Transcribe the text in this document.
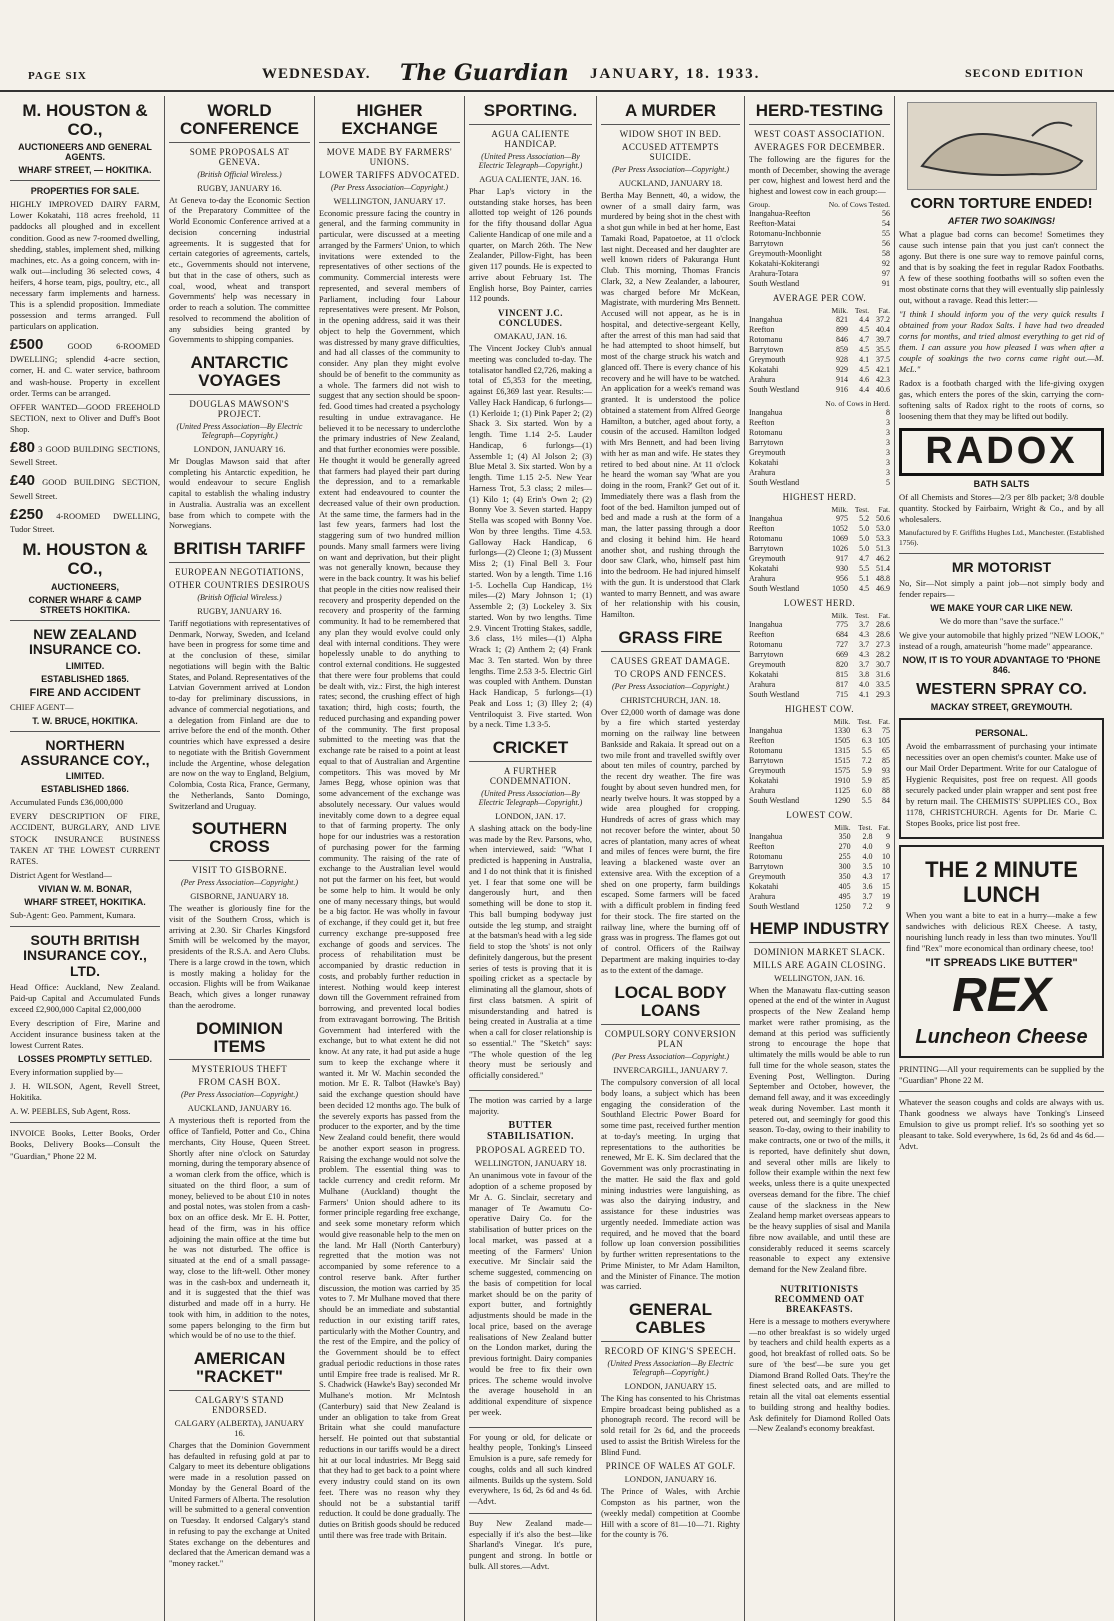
PAGE SIX	WEDNESDAY. The Guardian JANUARY, 18. 1933.	SECOND EDITION
M. HOUSTON & CO.,
AUCTIONEERS AND GENERAL AGENTS.
WHARF STREET, — HOKITIKA.
PROPERTIES FOR SALE.
HIGHLY IMPROVED DAIRY FARM, Lower Kokatahi, 118 acres freehold, 11 paddocks all ploughed and in excellent condition. Good as new 7-roomed dwelling, shedding, stables, implement shed, milking machines, etc. As a going concern, with in-walk out—including 36 selected cows, 4 heifers, 4 horse team, pigs, poultry, etc., all necessary farm implements and harness. This is a splendid proposition. Immediate possession and terms arranged. Full particulars on application.
£500	GOOD 6-ROOMED DWELLING; splendid 4-acre section, corner, H. and C. water service, bathroom and wash-house. Property in excellent order. Terms can be arranged.
OFFER WANTED—GOOD FREEHOLD SECTION, next to Oliver and Duff's Boot Shop.
£80 3 GOOD BUILDING SECTIONS, Sewell Street.
£40 GOOD BUILDING SECTION, Sewell Street.
£250 4-ROOMED DWELLING, Tudor Street.
M. HOUSTON & CO.,
AUCTIONEERS,
CORNER WHARF & CAMP STREETS HOKITIKA.
NEW ZEALAND INSURANCE CO.
LIMITED.
ESTABLISHED 1865.
FIRE AND ACCIDENT
CHIEF AGENT—
T. W. BRUCE, HOKITIKA.
NORTHERN ASSURANCE COY.,
LIMITED.
ESTABLISHED 1866.
Accumulated Funds £36,000,000
EVERY DESCRIPTION OF FIRE, ACCIDENT, BURGLARY, AND LIVE STOCK INSURANCE BUSINESS TAKEN AT THE LOWEST CURRENT RATES.
District Agent for Westland—
VIVIAN W. M. BONAR,
WHARF STREET, HOKITIKA.
Sub-Agent: Geo. Pamment, Kumara.
SOUTH BRITISH INSURANCE COY., LTD.
Head Office: Auckland, New Zealand. Paid-up Capital and Accumulated Funds exceed £2,900,000 Capital £2,000,000
Every description of Fire, Marine and Accident insurance business taken at the lowest Current Rates.
LOSSES PROMPTLY SETTLED.
Every information supplied by—
J. H. WILSON, Agent, Revell Street, Hokitika.
A. W. PEEBLES, Sub Agent, Ross.
INVOICE Books, Letter Books, Order Books, Delivery Books—Consult the "Guardian," Phone 22 M.
WORLD CONFERENCE
SOME PROPOSALS AT GENEVA.
(British Official Wireless.)
RUGBY, JANUARY 16.
At Geneva to-day the Economic Section of the Preparatory Committee of the World Economic Conference arrived at a decision concerning industrial agreements. It is suggested that for certain categories of agreements, cartels, etc., Governments should not intervene, but that in the case of others, such as coal, wood, wheat and transport Governments' help was necessary in order to reach a solution. The committee resolved to recommend the abolition of any subsidies being granted by Governments to shipping companies.
ANTARCTIC VOYAGES
DOUGLAS MAWSON'S PROJECT.
(United Press Association—By Electric Telegraph—Copyright.)
LONDON, JANUARY 16.
Mr Douglas Mawson said that after completing his Antarctic expedition, he would endeavour to secure English capital to establish the whaling industry in Australia. Australia was an excellent base from which to compete with the Norwegians.
BRITISH TARIFF
EUROPEAN NEGOTIATIONS,
OTHER COUNTRIES DESIROUS
(British Official Wireless.)
RUGBY, JANUARY 16.
Tariff negotiations with representatives of Denmark, Norway, Sweden, and Iceland have been in progress for some time and at the conclusion of these, similar negotiations will begin with the Baltic States, and Poland. Representatives of the Latvian Government arrived at London to-day for preliminary discussions, in advance of commercial negotiations, and a delegation from Finland are due to arrive before the end of the month. Other countries which have expressed a desire to negotiate with the British Government include the Argentine, whose delegation are now on the way to England, Belgium, Colombia, Costa Rica, France, Germany, the Netherlands, Santo Domingo, Switzerland and Uruguay.
SOUTHERN CROSS
VISIT TO GISBORNE.
(Per Press Association—Copyright.)
GISBORNE, JANUARY 18.
The weather is gloriously fine for the visit of the Southern Cross, which is arriving at 2.30. Sir Charles Kingsford Smith will be welcomed by the mayor, presidents of the R.S.A. and Aero Clubs. There is a large crowd in the town, which is mostly making a holiday for the occasion. Flights will be from Waikanae Beach, which gives a longer runaway than the aerodrome.
DOMINION ITEMS
MYSTERIOUS THEFT
FROM CASH BOX.
(Per Press Association—Copyright.)
AUCKLAND, JANUARY 16.
A mysterious theft is reported from the office of Tanfield, Potter and Co., China merchants, City House, Queen Street. Shortly after nine o'clock on Saturday morning, during the temporary absence of a woman clerk from the office, which is situated on the third floor, a sum of money, believed to be about £10 in notes and postal notes, was stolen from a cash-box on an office desk. Mr E. H. Potter, head of the firm, was in his office adjoining the main office at the time but he was not disturbed. The office is situated at the end of a small passage-way, close to the lift-well. Other money was in the cash-box and underneath it, and it is suggested that the thief was disturbed and made off in a hurry. He took with him, in addition to the notes, some papers belonging to the firm but which would be of no use to the thief.
AMERICAN "RACKET"
CALGARY'S STAND ENDORSED.
CALGARY (ALBERTA), JANUARY 16.
Charges that the Dominion Government has defaulted in refusing gold at par to Calgary to meet its debenture obligations were made in a resolution passed on Monday by the General Board of the United Farmers of Alberta. The resolution will be submitted to a general convention on Tuesday. It endorsed Calgary's stand in refusing to pay the exchange at United States exchange on the debentures and declared that the American demand was a "money racket."
HIGHER EXCHANGE
MOVE MADE BY FARMERS' UNIONS.
LOWER TARIFFS ADVOCATED.
(Per Press Association—Copyright.)
WELLINGTON, JANUARY 17.
Economic pressure facing the country in general, and the farming community in particular, were discussed at a meeting arranged by the Farmers' Union, to which invitations were extended to the representatives of other sections of the community. Commercial interests were represented, and several members of Parliament, including four Labour representatives were present. Mr Polson, in the opening address, said it was their object to help the Government, which was distressed by many grave difficulties, and had all classes of the community to consider. Any plan they might evolve should be of benefit to the community as a whole. The farmers did not wish to suggest that any section should be spoon-fed. Good times had created a psychology resulting in undue extravagance. He believed it to be necessary to underclothe the primary industries of New Zealand, and that further economies were possible. He thought it would be generally agreed that farmers had played their part during the depression, and to a remarkable extent had endeavoured to counter the decreased value of their own production. At the same time, the farmers had in the last few years, farmers had lost the staggering sum of two hundred million pounds. Many small farmers were living on want and deprivation, but their plight was not generally known, because they were in the back country. It was his belief that people in the cities now realised their recovery and prosperity depended on the recovery and prosperity of the farming community. It had to be remembered that any plan they would evolve could only deal with internal conditions. They were hopelessly unable to do anything to control external conditions. He suggested that there were four problems that could be dealt with, viz.: First, the high interest rates; second, the crushing effect of high taxation; third, high costs; fourth, the reduced purchasing and expanding power of the community. The first proposal submitted to the meeting was that the exchange rate be raised to a point at least equal to that of Australian and Argentine competitors. This was moved by Mr James Begg, whose opinion was that some advancement of the exchange was absolutely necessary. Our values would inevitably come down to a degree equal to that of farming property. The only hope for our industries was a restoration of purchasing power for the farming community. The raising of the rate of exchange to the Australian level would not put the farmer on his feet, but would be some help to him. It would be only one of many necessary things, but would be a big factor. He was wholly in favour of exchange, if they could get it, but free currency exchange pre-supposed free exchange of goods and services. The process of rehabilitation must be accompanied by drastic reduction in costs, and probably further reduction in interest. Nothing would keep interest down till the Government refrained from borrowing, and prevented local bodies from extravagant borrowing. The British Government had interfered with the exchange, but to what extent he did not know. At any rate, it had put aside a huge sum to keep the exchange where it wanted it. Mr W. Machin seconded the motion. Mr E. R. Talbot (Hawke's Bay) said the exchange question should have been decided 12 months ago. The bulk of the severely exports has passed from the producer to the exporter, and by the time New Zealand could benefit, there would be another export season in progress. Raising the exchange would not solve the problem. The essential thing was to tackle currency and credit reform. Mr Mulhane (Auckland) thought the Farmers' Union should adhere to its former principle regarding free exchange, and seek some monetary reform which would give reasonable help to the men on the land. Mr Hall (North Canterbury) regretted that the motion was not accompanied by some reference to a control reserve bank. After further discussion, the motion was carried by 35 votes to 7. Mr Mulhane moved that there should be an immediate and substantial reduction in our existing tariff rates, particularly with the Mother Country, and the rest of the Empire, and the policy of the Government should be to effect gradual periodic reductions in those rates until Empire free trade is realised. Mr R. S. Chadwick (Hawke's Bay) seconded Mr Mulhane's motion. Mr McIntosh (Canterbury) said that New Zealand is under an obligation to take from Great Britain what she could manufacture herself. He pointed out that substantial reductions in our tariffs would be a direct hit at our local industries. Mr Begg said that they had to get back to a point where every industry could stand on its own feet. There was no reason why they should not be a substantial tariff reduction. It could be done gradually. The duties on British goods should be reduced until there was free trade with Britain.
SPORTING.
AGUA CALIENTE HANDICAP.
(United Press Association—By Electric Telegraph—Copyright.)
AGUA CALIENTE, JAN. 16.
Phar Lap's victory in the outstanding stake horses, has been allotted top weight of 126 pounds for the fifty thousand dollar Agua Caliente Handicap of one mile and a quarter, on March 26th. The New Zealander, Pillow-Fight, has been given 117 pounds. He is expected to arrive about February 1st. The English horse, Boy Painter, carries 112 pounds.
VINCENT J.C. CONCLUDES.
OMAKAU, JAN. 16.
The Vincent Jockey Club's annual meeting was concluded to-day. The totalisator handled £2,726, making a total of £5,353 for the meeting, against £6,369 last year. Results:— Valley Hack Handicap, 6 furlongs—(1) Kerloide 1; (1) Pink Paper 2; (2) Shack 3. Six started. Won by a length. Time 1.14 2-5. Lauder Handicap, 6 furlongs—(1) Assemble 1; (4) Al Jolson 2; (3) Blue Metal 3. Six started. Won by a length. Time 1.15 2-5. New Year Harness Trot, 5.3 class; 2 miles—(1) Kilo 1; (4) Erin's Own 2; (2) Bonny Voe 3. Seven started. Happy Stella was scoped with Bonny Voe. Won by three lengths. Time 4.53. Galloway Hack Handicap, 6 furlongs—(2) Cleone 1; (3) Mussent Miss 2; (1) Final Bell 3. Four started. Won by a length. Time 1.16 1-5. Lochella Cup Handicap, 1½ miles—(2) Mary Johnson 1; (1) Assemble 2; (3) Lockeley 3. Six started. Won by two lengths. Time 2.9. Vincent Trotting Stakes, saddle, 3.6 class, 1½ miles—(1) Alpha Wrack 1; (2) Anthem 2; (4) Frank Mac 3. Ten started. Won by three lengths. Time 2.53 3-5. Electric Girl was coupled with Anthem. Dunstan Hack Handicap, 5 furlongs—(1) Peak and Loss 1; (3) Illey 2; (4) Ventriloquist 3. Five started. Won by a neck. Time 1.3 3-5.
CRICKET
A FURTHER CONDEMNATION.
(United Press Association—By Electric Telegraph—Copyright.)
LONDON, JAN. 17.
A slashing attack on the body-line was made by the Rev. Parsons, who, when interviewed, said: "What I predicted is happening in Australia, and I do not think that it is finished yet. I fear that some one will be dangerously hurt, and then something will be done to stop it. This ball bumping bodyway just outside the leg stump, and straight at the batsman's head with a leg side field to stop the 'shots' is not only definitely dangerous, but the present series of tests is proving that it is spoiling cricket as a spectacle by eliminating all the glamour, shots of first class batsmen. A spirit of misunderstanding and hatred is being created in Australia at a time when a call for closer relationship is so essential." The "Sketch" says: "The whole question of the leg theory must be seriously and officially considered."
The motion was carried by a large majority.
BUTTER STABILISATION.
PROPOSAL AGREED TO.
WELLINGTON, JANUARY 18.
An unanimous vote in favour of the adoption of a scheme proposed by Mr A. G. Sinclair, secretary and manager of Te Awamutu Co-operative Dairy Co. for the stabilisation of butter prices on the local market, was passed at a meeting of the Farmers' Union executive. Mr Sinclair said the scheme suggested, commencing on the basis of competition for local market should be on the parity of export butter, and fortnightly adjustments should be made in the local price, based on the average realisations of New Zealand butter on the London market, during the previous fortnight. Dairy companies would be free to fix their own prices. The scheme would involve the average household in an additional expenditure of sixpence per week.
For young or old, for delicate or healthy people, Tonking's Linseed Emulsion is a pure, safe remedy for coughs, colds and all such kindred ailments. Builds up the system. Sold everywhere, 1s 6d, 2s 6d and 4s 6d.—Advt.
Buy New Zealand made—especially if it's also the best—like Sharland's Vinegar. It's pure, pungent and strong. In bottle or bulk. All stores.—Advt.
A MURDER
WIDOW SHOT IN BED.
ACCUSED ATTEMPTS SUICIDE.
(Per Press Association—Copyright.)
AUCKLAND, JANUARY 18.
Bertha May Bennett, 40, a widow, the owner of a small dairy farm, was murdered by being shot in the chest with a shot gun while in bed at her home, East Tamaki Road, Papatoetoe, at 11 o'clock last night. Deceased and her daughter are well known riders of Pakuranga Hunt Club. This morning, Thomas Francis Clark, 32, a New Zealander, a labourer, was charged before Mr McKean, Magistrate, with murdering Mrs Bennett. Accused will not appear, as he is in hospital, and detective-sergeant Kelly, after the arrest of this man had said that he had attempted to shoot himself, but most of the charge struck his watch and glanced off. There is every chance of his recovery and he will have to be watched. An application for a week's remand was granted. It is understood the police obtained a statement from Alfred George Hamilton, a butcher, aged about forty, a cousin of the accused. Hamilton lodged with Mrs Bennett, and had been living with her as man and wife. He states they retired to bed about nine. At 11 o'clock he heard the woman say 'What are you doing in the room, Frank?' Get out of it. Immediately there was a flash from the foot of the bed. Hamilton jumped out of bed and made a rush at the form of a man, the latter passing through a door and closing it behind him. He heard another shot, and rushing through the door saw Clark, who, himself past him into the bedroom. He had injured himself with the gun. It is understood that Clark wanted to marry Bennett, and was aware of her relationship with his cousin, Hamilton.
GRASS FIRE
CAUSES GREAT DAMAGE.
TO CROPS AND FENCES.
(Per Press Association—Copyright.)
CHRISTCHURCH, JAN. 18.
Over £2,000 worth of damage was done by a fire which started yesterday morning on the railway line between Bankside and Rakaia. It spread out on a two mile front and travelled swiftly over about ten miles of country, parched by the recent dry weather. The fire was fought by about seven hundred men, for nearly twelve hours. It was stopped by a wide area ploughed for cropping. Hundreds of acres of grass which may not recover before the winter, about 50 acres of plantation, many acres of wheat and miles of fences were burnt, the fire leaving a blackened waste over an extensive area. With the exception of a shed on one property, farm buildings escaped. Some farmers will be faced with a difficult problem in finding feed for their stock. The fire started on the railway line, where the burning off of grass was in progress. The flames got out of control. Officers of the Railway Department are making inquiries to-day as to the extent of the damage.
LOCAL BODY LOANS
COMPULSORY CONVERSION PLAN
(Per Press Association—Copyright.)
INVERCARGILL, JANUARY 7.
The compulsory conversion of all local body loans, a subject which has been engaging the consideration of the Southland Electric Power Board for some time past, received further mention at to-day's meeting. In urging that representations to the authorities be renewed, Mr E. K. Sim declared that the Government was only procrastinating in the matter. He said the flax and gold mining industries were languishing, as was also the dairying industry, and assistance for these industries was urgently needed. Immediate action was required, and he moved that the board follow up loan conversion possibilities by further written representations to the Prime Minister, to Mr Adam Hamilton, and the Minister of Finance. The motion was carried.
GENERAL CABLES
RECORD OF KING'S SPEECH.
(United Press Association—By Electric Telegraph—Copyright.)
LONDON, JANUARY 15.
The King has consented to his Christmas Empire broadcast being published as a phonograph record. The record will be sold retail for 2s 6d, and the proceeds used to assist the British Wireless for the Blind Fund.
PRINCE OF WALES AT GOLF.
LONDON, JANUARY 16.
The Prince of Wales, with Archie Compston as his partner, won the (weekly medal) competition at Coombe Hill with a score of 81—10—71. Righty for the county is 76.
HERD-TESTING
WEST COAST ASSOCIATION.
AVERAGES FOR DECEMBER.
The following are the figures for the month of December, showing the average per cow, highest and lowest herd and the highest and lowest cow in each group:—
Group.	No. of Cows Tested.
Inangahua-Reefton	56
Reefton-Matai	54
Rotomanu-Inchbonnie	55
Barrytown	56
Greymouth-Moonlight	58
Kokatahi-Kokiterangi	92
Arahura-Totara	97
South Westland	91
AVERAGE PER COW.
	Milk.	Test.	Fat.
Inangahua	821	4.4	37.2
Reefton	899	4.5	40.4
Rotomanu	846	4.7	39.7
Barrytown	859	4.5	35.5
Greymouth	928	4.1	37.5
Kokatahi	929	4.5	42.1
Arahura	914	4.6	42.3
South Westland	916	4.4	40.6
	No. of Cows in Herd.
Inangahua	8
Reefton	3
Rotomanu	3
Barrytown	3
Greymouth	3
Kokatahi	3
Arahura	3
South Westland	5
HIGHEST HERD.
	Milk.	Test.	Fat.
Inangahua	975	5.2	50.6
Reefton	1052	5.0	53.0
Rotomanu	1069	5.0	53.3
Barrytown	1026	5.0	51.3
Greymouth	917	4.7	46.2
Kokatahi	930	5.5	51.4
Arahura	956	5.1	48.8
South Westland	1050	4.5	46.9
LOWEST HERD.
	Milk.	Test.	Fat.
Inangahua	775	3.7	28.6
Reefton	684	4.3	28.6
Rotomanu	727	3.7	27.3
Barrytown	669	4.3	28.2
Greymouth	820	3.7	30.7
Kokatahi	815	3.8	31.6
Arahura	817	4.0	33.5
South Westland	715	4.1	29.3
HIGHEST COW.
	Milk.	Test.	Fat.
Inangahua	1330	6.3	75
Reefton	1505	6.3	105
Rotomanu	1315	5.5	65
Barrytown	1515	7.2	85
Greymouth	1575	5.9	93
Kokatahi	1910	5.9	85
Arahura	1125	6.0	88
South Westland	1290	5.5	84
LOWEST COW.
	Milk.	Test.	Fat.
Inangahua	350	2.8	9
Reefton	270	4.0	9
Rotomanu	255	4.0	10
Barrytown	300	3.5	10
Greymouth	350	4.3	17
Kokatahi	405	3.6	15
Arahura	495	3.7	19
South Westland	1250	7.2	9
HEMP INDUSTRY
DOMINION MARKET SLACK.
MILLS ARE AGAIN CLOSING.
WELLINGTON, JAN. 16.
When the Manawatu flax-cutting season opened at the end of the winter in August prospects of the New Zealand hemp market were rather promising, as the demand at this period was sufficiently strong to encourage the hope that ultimately the mills would be able to run full time for the whole season, states the Evening Post, Wellington. During September and October, however, the demand fell away, and it was exceedingly weak during November. Last month it petered out, and seemingly for good this season. To-day, owing to their inability to make contracts, one or two of the mills, it is reported, have definitely shut down, and several other mills are likely to follow their example within the next few weeks, unless there is a quite unexpected overseas demand for the fibre. The chief cause of the slackness in the New Zealand hemp market overseas appears to be the heavy supplies of sisal and Manila fibre now available, and until these are considerably reduced it seems scarcely reasonable to expect any extensive demand for the New Zealand fibre.
NUTRITIONISTS RECOMMEND OAT BREAKFASTS.
Here is a message to mothers everywhere—no other breakfast is so widely urged by teachers and child health experts as a good, hot breakfast of rolled oats. So be sure of 'the best'—be sure you get Diamond Brand Rolled Oats. They're the finest selected oats, and are milled to retain all the vital oat elements essential to building strong and healthy bodies. Ask definitely for Diamond Rolled Oats—New Zealand's economy breakfast.
CORN TORTURE ENDED!
AFTER TWO SOAKINGS!
What a plague bad corns can become! Sometimes they cause such intense pain that you just can't connect the agony. But there is one sure way to remove painful corns, and that is by soaking the feet in regular Radox Footbaths. A few of these soothing footbaths will so soften even the most obstinate corns that they will eventually slip painlessly out, without a ravage. Read this letter:—
"I think I should inform you of the very quick results I obtained from your Radox Salts. I have had two dreaded corns for months, and tried almost everything to get rid of them. I can assure you how pleased I was when after a couple of soakings the two corns came right out.—M. McL."
Radox is a footbath charged with the life-giving oxygen gas, which enters the pores of the skin, carrying the corn-softening salts of Radox right to the roots of corns, so loosening them that they may be lifted out bodily.
RADOX
BATH SALTS
Of all Chemists and Stores—2/3 per 8lb packet; 3/8 double quantity. Stocked by Fairbairn, Wright & Co., and by all wholesalers.
Manufactured by F. Griffiths Hughes Ltd., Manchester. (Established 1756).
MR MOTORIST
No, Sir—Not simply a paint job—not simply body and fender repairs—
WE MAKE YOUR CAR LIKE NEW.
We do more than "save the surface."
We give your automobile that highly prized "NEW LOOK," instead of a rough, amateurish "home made" appearance.
NOW, IT IS TO YOUR ADVANTAGE TO 'PHONE 846.
WESTERN SPRAY CO.
MACKAY STREET, GREYMOUTH.
PERSONAL.
Avoid the embarrassment of purchasing your intimate necessities over an open chemist's counter. Make use of our Mail Order Department. Write for our Catalogue of Hygienic Requisites, post free on request. All goods securely packed under plain wrapper and sent post free by return mail. The CHEMISTS' SUPPLIES CO., Box 1178, CHRISTCHURCH. Agents for Dr. Marie C. Stopes Books, price list post free.
THE 2 MINUTE LUNCH
When you want a bite to eat in a hurry—make a few sandwiches with delicious REX Cheese. A tasty, nourishing lunch ready in less than two minutes. You'll find "Rex" more economical than ordinary cheese, too!
"IT SPREADS LIKE BUTTER"
REX
Luncheon Cheese
PRINTING—All your requirements can be supplied by the "Guardian" Phone 22 M.
Whatever the season coughs and colds are always with us. Thank goodness we always have Tonking's Linseed Emulsion to give us prompt relief. It's so soothing yet so pleasant to take. Sold everywhere, 1s 6d, 2s 6d and 4s 6d.—Advt.
